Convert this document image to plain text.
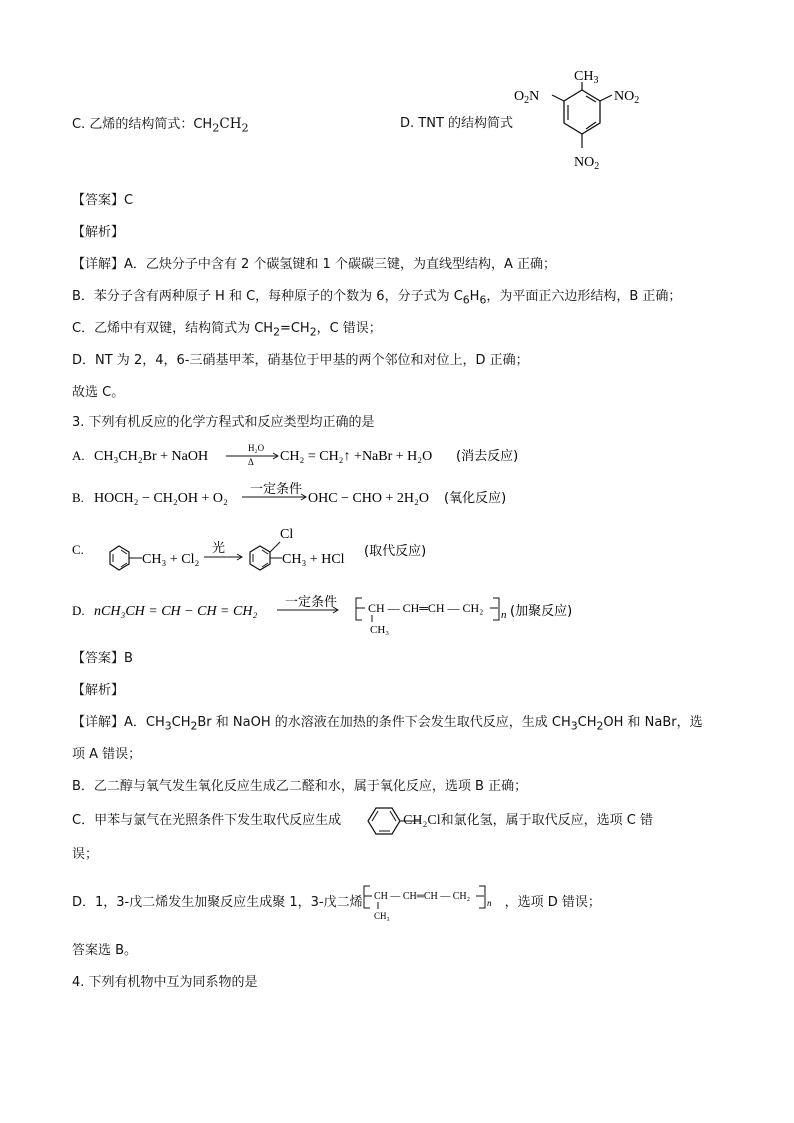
C. 乙烯的结构简式：$CH_2CH_2$	D. TNT 的结构简式
$CH_3$
$O_2N$	$NO_2$
$NO_2$
【答案】C
【解析】
【详解】A．乙炔分子中含有 2 个碳氢键和 1 个碳碳三键，为直线型结构，A 正确；
B．苯分子含有两种原子 H 和 C，每种原子的个数为 6，分子式为 $C_6H_6$，为平面正六边形结构，B 正确；
C．乙烯中有双键，结构简式为 $CH_2=CH_2$，C 错误；
D．NT 为 2，4，6-三硝基甲苯，硝基位于甲基的两个邻位和对位上，D 正确；
故选 C。
3. 下列有机反应的化学方程式和反应类型均正确的是
A. CH₃CH₂Br + NaOH
H₂O
Δ CH₂ = CH₂↑ +NaBr + H₂O (消去反应)
B. HOCH₂ − CH₂OH + O₂
一定条件
OHC − CHO + 2H₂O (氧化反应)
C.
CH₃ + Cl₂
光
Cl
CH₃ + HCl
(取代反应)
D. nCH₃CH = CH − CH = CH₂
一定条件	CH — CH═CH — CH₂
CH₃
n (加聚反应)
【答案】B
【解析】
【详解】A．$CH_3CH_2Br$ 和 NaOH 的水溶液在加热的条件下会发生取代反应，生成 $CH_3CH_2OH$ 和 NaBr，选
项 A 错误；
B．乙二醇与氧气发生氧化反应生成乙二醛和水，属于氧化反应，选项 B 正确；
C．甲苯与氯气在光照条件下发生取代反应生成	CH₂Cl和氯化氢，属于取代反应，选项 C 错
误；
D．1，3-戊二烯发生加聚反应生成聚 1，3-戊二烯	，选项 D 错误；
CH — CH═CH — CH₂
CH₃
n
答案选 B。
4. 下列有机物中互为同系物的是
